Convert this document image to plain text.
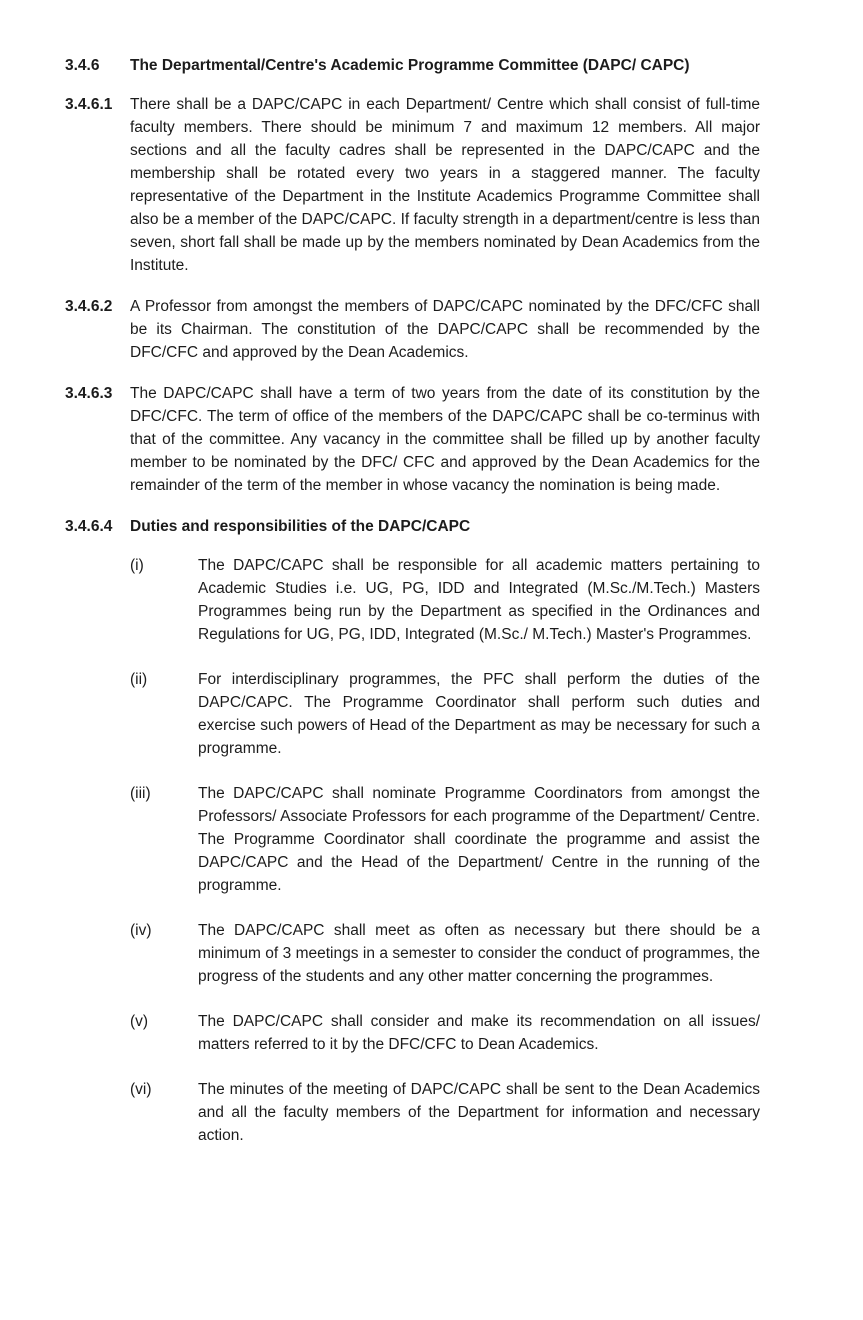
3.4.6	The Departmental/Centre's Academic Programme Committee (DAPC/ CAPC)

3.4.6.1	There shall be a DAPC/CAPC in each Department/ Centre which shall consist of full-time faculty members. There should be minimum 7 and maximum 12 members. All major sections and all the faculty cadres shall be represented in the DAPC/CAPC and the membership shall be rotated every two years in a staggered manner. The faculty representative of the Department in the Institute Academics Programme Committee shall also be a member of the DAPC/CAPC. If faculty strength in a department/centre is less than seven, short fall shall be made up by the members nominated by Dean Academics from the Institute.

3.4.6.2	A Professor from amongst the members of DAPC/CAPC nominated by the DFC/CFC shall be its Chairman. The constitution of the DAPC/CAPC shall be recommended by the DFC/CFC and approved by the Dean Academics.

3.4.6.3	The DAPC/CAPC shall have a term of two years from the date of its constitution by the DFC/CFC. The term of office of the members of the DAPC/CAPC shall be co-terminus with that of the committee. Any vacancy in the committee shall be filled up by another faculty member to be nominated by the DFC/ CFC and approved by the Dean Academics for the remainder of the term of the member in whose vacancy the nomination is being made.

3.4.6.4	Duties and responsibilities of the DAPC/CAPC

(i)	The DAPC/CAPC shall be responsible for all academic matters pertaining to Academic Studies i.e. UG, PG, IDD and Integrated (M.Sc./M.Tech.) Masters Programmes being run by the Department as specified in the Ordinances and Regulations for UG, PG, IDD, Integrated (M.Sc./ M.Tech.) Master's Programmes.

(ii)	For interdisciplinary programmes, the PFC shall perform the duties of the DAPC/CAPC. The Programme Coordinator shall perform such duties and exercise such powers of Head of the Department as may be necessary for such a programme.

(iii)	The DAPC/CAPC shall nominate Programme Coordinators from amongst the Professors/ Associate Professors for each programme of the Department/ Centre. The Programme Coordinator shall coordinate the programme and assist the DAPC/CAPC and the Head of the Department/ Centre in the running of the programme.

(iv)	The DAPC/CAPC shall meet as often as necessary but there should be a minimum of 3 meetings in a semester to consider the conduct of programmes, the progress of the students and any other matter concerning the programmes.

(v)	The DAPC/CAPC shall consider and make its recommendation on all issues/ matters referred to it by the DFC/CFC to Dean Academics.

(vi)	The minutes of the meeting of DAPC/CAPC shall be sent to the Dean Academics and all the faculty members of the Department for information and necessary action.
